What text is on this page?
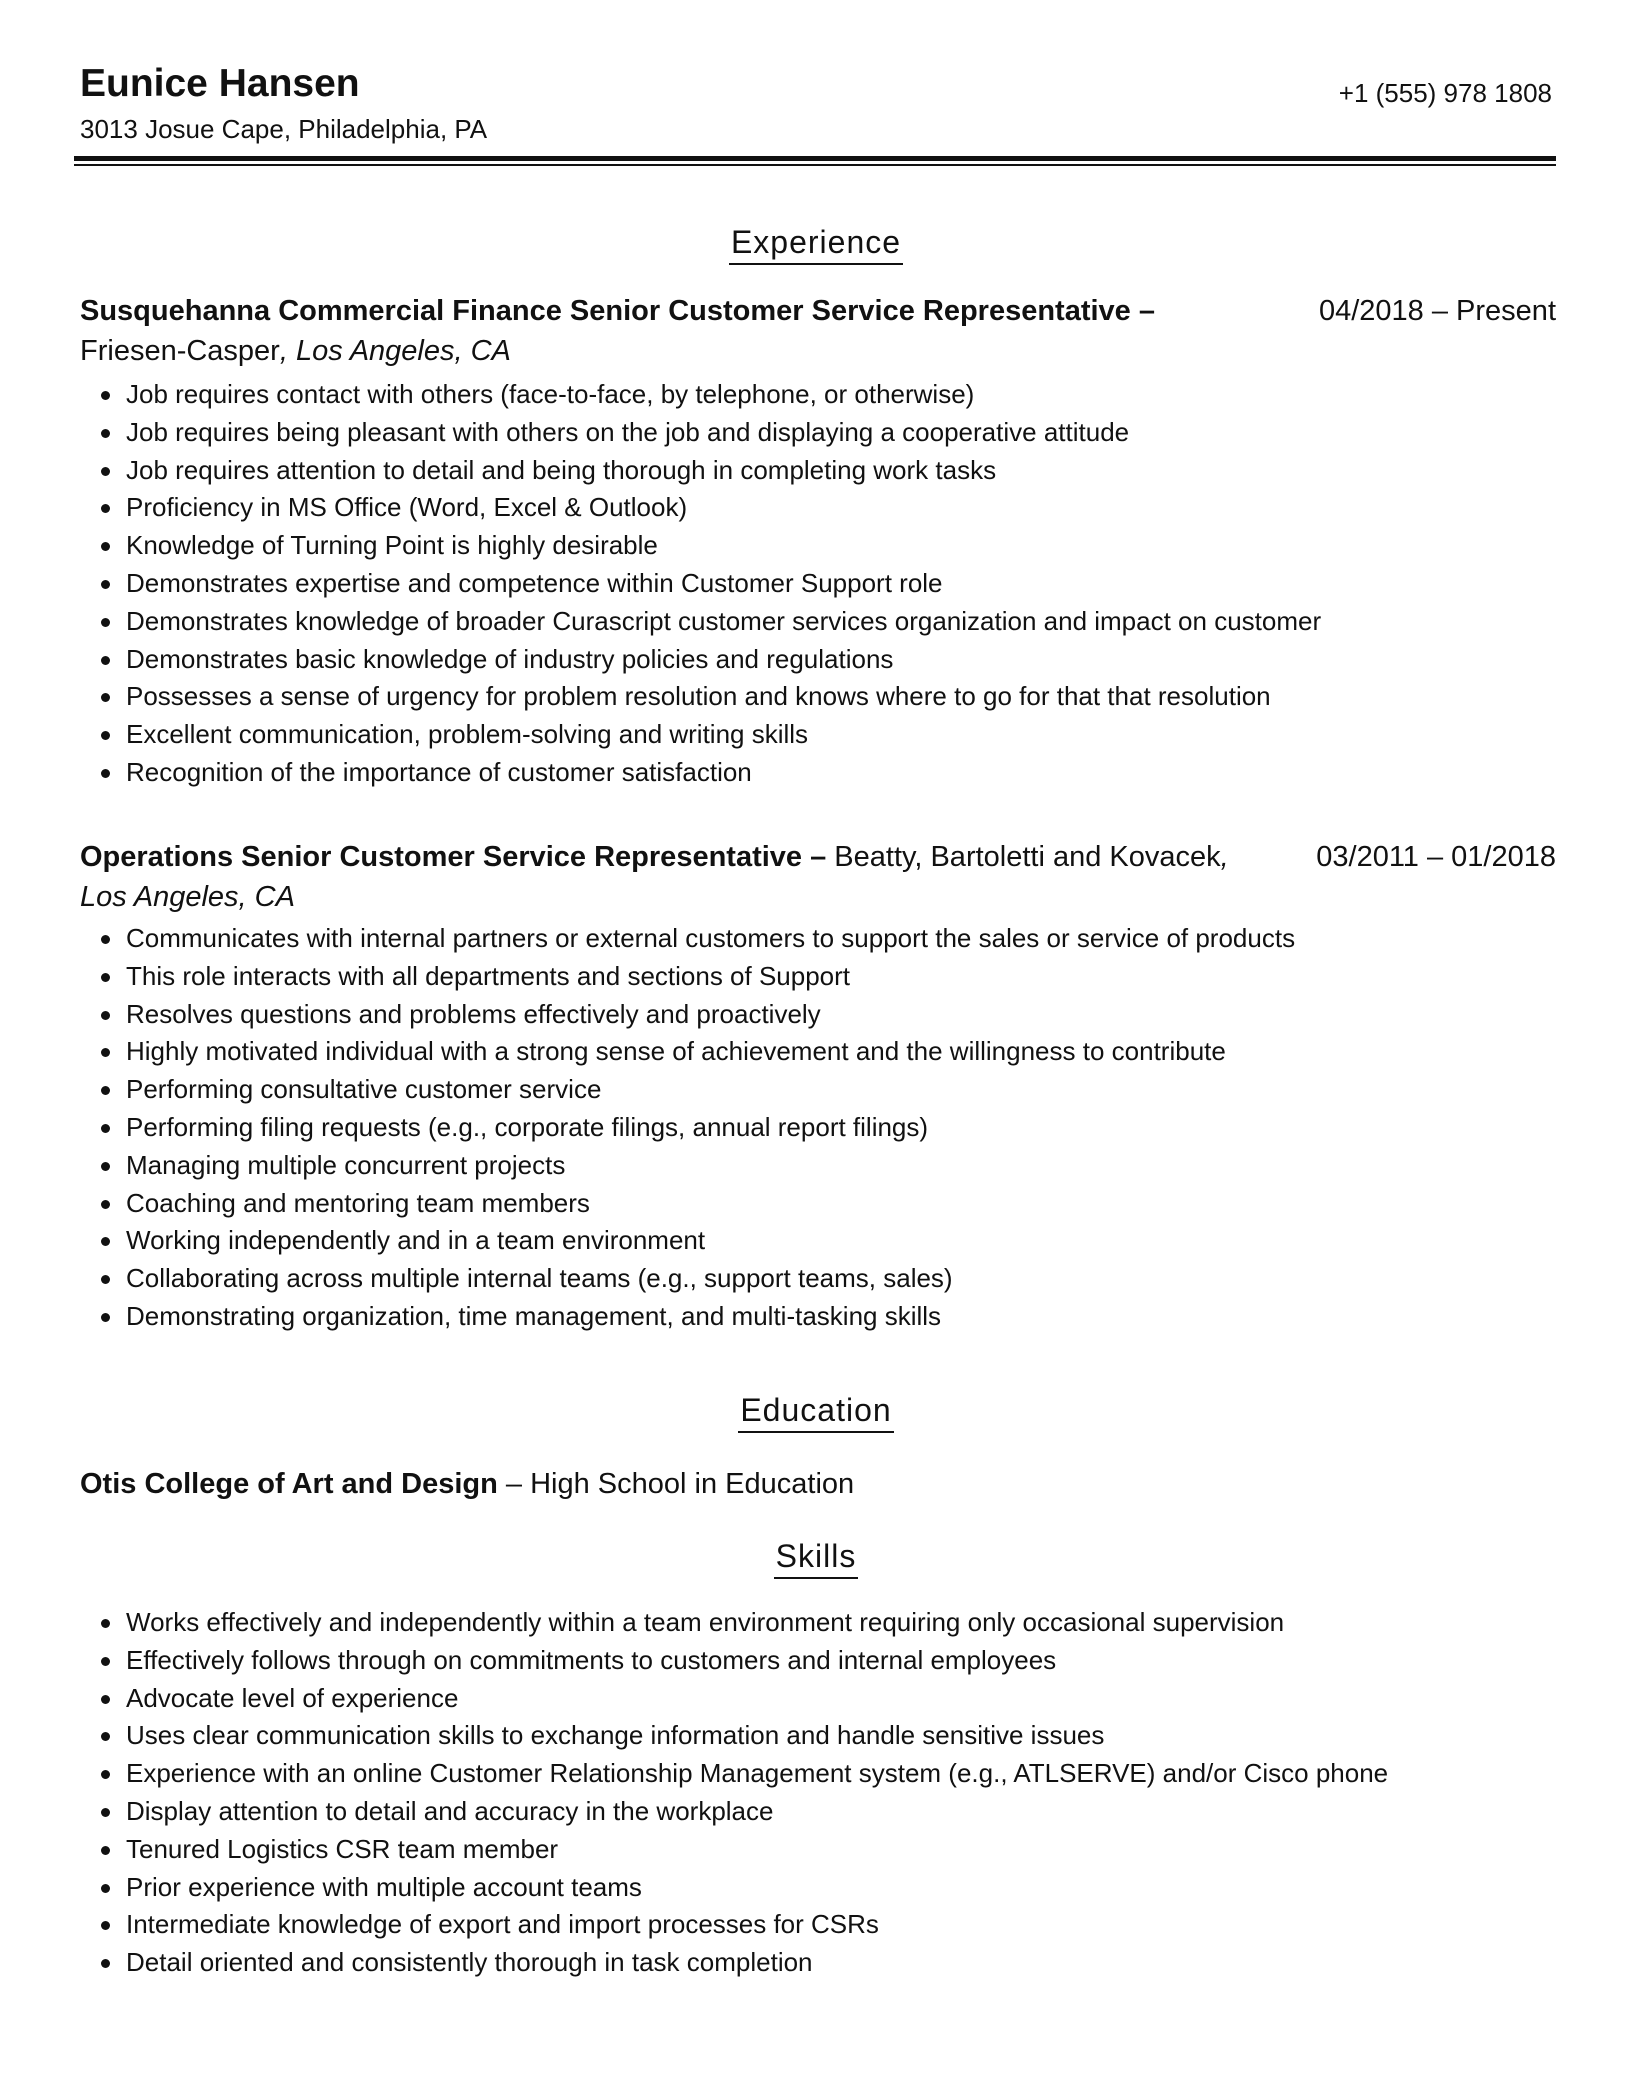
Eunice Hansen
3013 Josue Cape, Philadelphia, PA
+1 (555) 978 1808
Experience
Susquehanna Commercial Finance Senior Customer Service Representative –	04/2018 – Present
Friesen-Casper, Los Angeles, CA
Job requires contact with others (face-to-face, by telephone, or otherwise)
Job requires being pleasant with others on the job and displaying a cooperative attitude
Job requires attention to detail and being thorough in completing work tasks
Proficiency in MS Office (Word, Excel & Outlook)
Knowledge of Turning Point is highly desirable
Demonstrates expertise and competence within Customer Support role
Demonstrates knowledge of broader Curascript customer services organization and impact on customer
Demonstrates basic knowledge of industry policies and regulations
Possesses a sense of urgency for problem resolution and knows where to go for that that resolution
Excellent communication, problem-solving and writing skills
Recognition of the importance of customer satisfaction
Operations Senior Customer Service Representative – Beatty, Bartoletti and Kovacek,	03/2011 – 01/2018
Los Angeles, CA
Communicates with internal partners or external customers to support the sales or service of products
This role interacts with all departments and sections of Support
Resolves questions and problems effectively and proactively
Highly motivated individual with a strong sense of achievement and the willingness to contribute
Performing consultative customer service
Performing filing requests (e.g., corporate filings, annual report filings)
Managing multiple concurrent projects
Coaching and mentoring team members
Working independently and in a team environment
Collaborating across multiple internal teams (e.g., support teams, sales)
Demonstrating organization, time management, and multi-tasking skills
Education
Otis College of Art and Design – High School in Education
Skills
Works effectively and independently within a team environment requiring only occasional supervision
Effectively follows through on commitments to customers and internal employees
Advocate level of experience
Uses clear communication skills to exchange information and handle sensitive issues
Experience with an online Customer Relationship Management system (e.g., ATLSERVE) and/or Cisco phone
Display attention to detail and accuracy in the workplace
Tenured Logistics CSR team member
Prior experience with multiple account teams
Intermediate knowledge of export and import processes for CSRs
Detail oriented and consistently thorough in task completion
